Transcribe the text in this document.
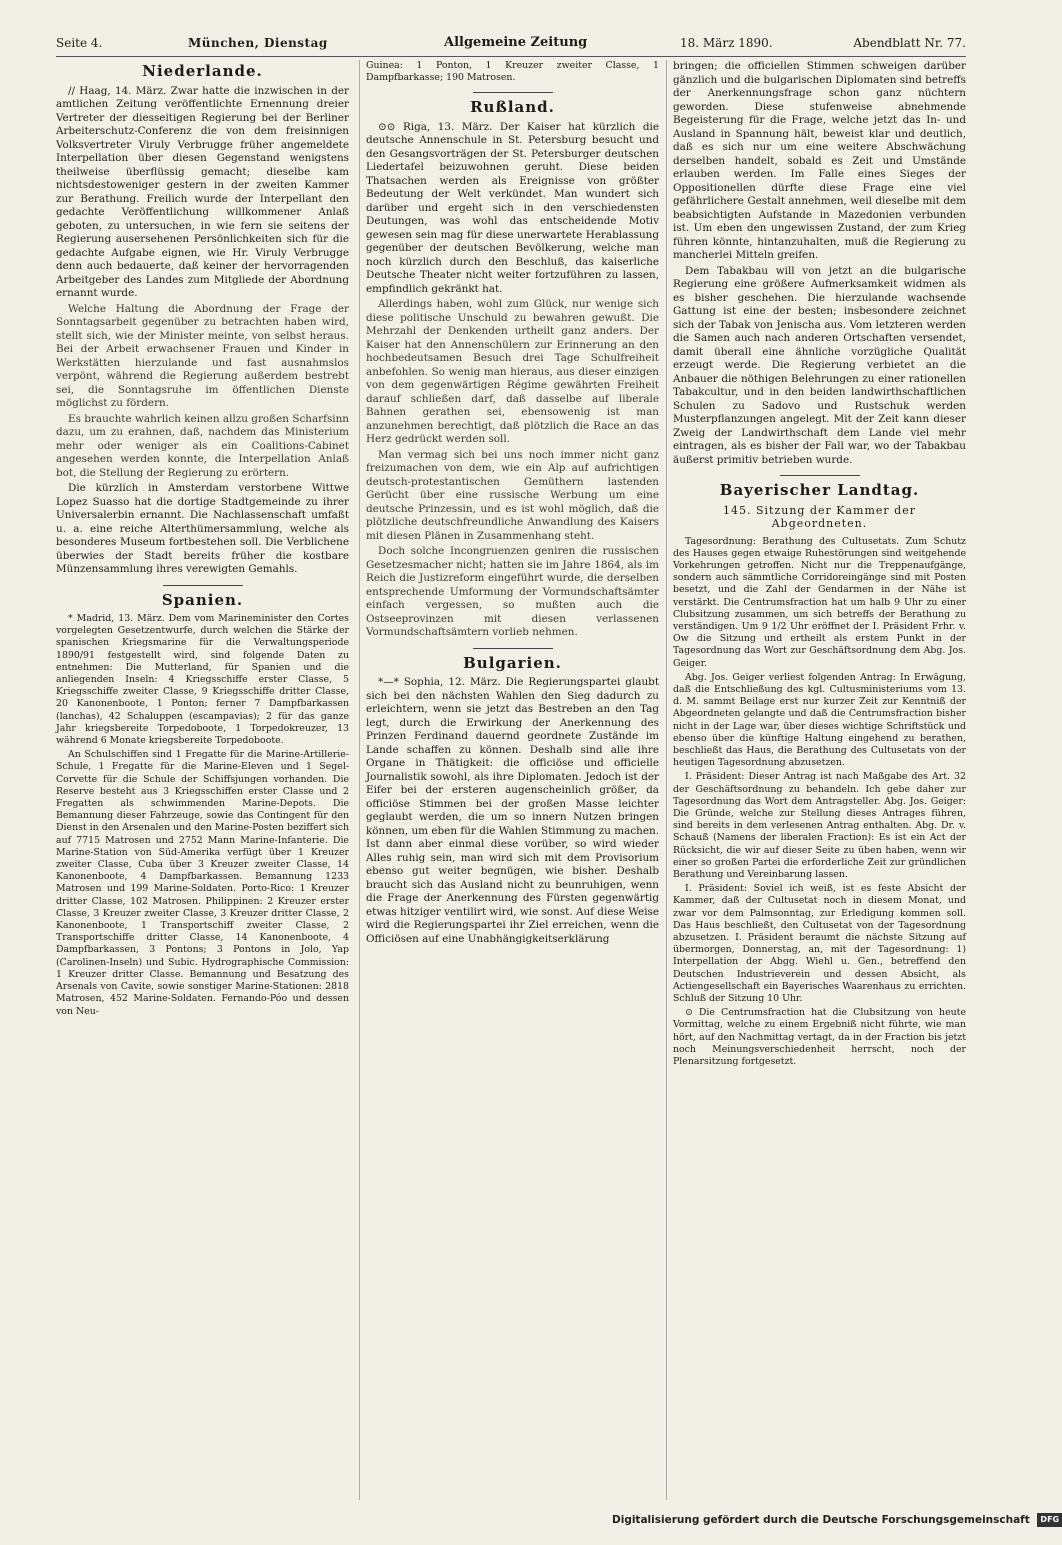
Seite 4.	München, Dienstag	Allgemeine Zeitung	18. März 1890.	Abendblatt Nr. 77.
Niederlande.

// Haag, 14. März. Zwar hatte die inzwischen in der amtlichen Zeitung veröffentlichte Ernennung dreier Vertreter der diesseitigen Regierung bei der Berliner Arbeiterschutz-Conferenz die von dem freisinnigen Volksvertreter Viruly Verbrugge früher angemeldete Interpellation über diesen Gegenstand wenigstens theilweise überflüssig gemacht; dieselbe kam nichtsdestoweniger gestern in der zweiten Kammer zur Berathung. Freilich wurde der Interpellant den gedachte Veröffentlichung willkommener Anlaß geboten, zu untersuchen, in wie fern sie seitens der Regierung ausersehenen Persönlichkeiten sich für die gedachte Aufgabe eignen, wie Hr. Viruly Verbrugge denn auch bedauerte, daß keiner der hervorragenden Arbeitgeber des Landes zum Mitgliede der Abordnung ernannt wurde.

Welche Haltung die Abordnung der Frage der Sonntagsarbeit gegenüber zu betrachten haben wird, stellt sich, wie der Minister meinte, von selbst heraus. Bei der Arbeit erwachsener Frauen und Kinder in Werkstätten hierzulande und fast ausnahmslos verpönt, während die Regierung außerdem bestrebt sei, die Sonntagsruhe im öffentlichen Dienste möglichst zu fördern.

Es brauchte wahrlich keinen allzu großen Scharfsinn dazu, um zu erahnen, daß, nachdem das Ministerium mehr oder weniger als ein Coalitions-Cabinet angesehen werden konnte, die Interpellation Anlaß bot, die Stellung der Regierung zu erörtern.

Die kürzlich in Amsterdam verstorbene Wittwe Lopez Suasso hat die dortige Stadtgemeinde zu ihrer Universalerbin ernannt. Die Nachlassenschaft umfaßt u. a. eine reiche Alterthümersammlung, welche als besonderes Museum fortbestehen soll. Die Verblichene überwies der Stadt bereits früher die kostbare Münzensammlung ihres verewigten Gemahls.

Spanien.

* Madrid, 13. März. Dem vom Marineminister den Cortes vorgelegten Gesetzentwurfe, durch welchen die Stärke der spanischen Kriegsmarine für die Verwaltungsperiode 1890/91 festgestellt wird, sind folgende Daten zu entnehmen: Die Mutterland, für Spanien und die anliegenden Inseln: 4 Kriegsschiffe erster Classe, 5 Kriegsschiffe zweiter Classe, 9 Kriegsschiffe dritter Classe, 20 Kanonenboote, 1 Ponton; ferner 7 Dampfbarkassen (lanchas), 42 Schaluppen (escampavias); 2 für das ganze Jahr kriegsbereite Torpedoboote, 1 Torpedokreuzer, 13 während 6 Monate kriegsbereite Torpedoboote.

An Schulschiffen sind 1 Fregatte für die Marine-Artillerie-Schule, 1 Fregatte für die Marine-Eleven und 1 Segel-Corvette für die Schule der Schiffsjungen vorhanden. Die Reserve besteht aus 3 Kriegsschiffen erster Classe und 2 Fregatten als schwimmenden Marine-Depots. Die Bemannung dieser Fahrzeuge, sowie das Contingent für den Dienst in den Arsenalen und den Marine-Posten beziffert sich auf 7715 Matrosen und 2752 Mann Marine-Infanterie. Die Marine-Station von Süd-Amerika verfügt über 1 Kreuzer zweiter Classe, Cuba über 3 Kreuzer zweiter Classe, 14 Kanonenboote, 4 Dampfbarkassen. Bemannung 1233 Matrosen und 199 Marine-Soldaten. Porto-Rico: 1 Kreuzer dritter Classe, 102 Matrosen. Philippinen: 2 Kreuzer erster Classe, 3 Kreuzer zweiter Classe, 3 Kreuzer dritter Classe, 2 Kanonenboote, 1 Transportschiff zweiter Classe, 2 Transportschiffe dritter Classe, 14 Kanonenboote, 4 Dampfbarkassen, 3 Pontons; 3 Pontons in Jolo, Yap (Carolinen-Inseln) und Subic. Hydrographische Commission: 1 Kreuzer dritter Classe. Bemannung und Besatzung des Arsenals von Cavite, sowie sonstiger Marine-Stationen: 2818 Matrosen, 452 Marine-Soldaten. Fernando-Póo und dessen von Neu-

Guinea: 1 Ponton, 1 Kreuzer zweiter Classe, 1 Dampfbarkasse; 190 Matrosen.

Rußland.

⊙⊙ Riga, 13. März. Der Kaiser hat kürzlich die deutsche Annenschule in St. Petersburg besucht und den Gesangsvorträgen der St. Petersburger deutschen Liedertafel beizuwohnen geruht. Diese beiden Thatsachen werden als Ereignisse von größter Bedeutung der Welt verkündet. Man wundert sich darüber und ergeht sich in den verschiedensten Deutungen, was wohl das entscheidende Motiv gewesen sein mag für diese unerwartete Herablassung gegenüber der deutschen Bevölkerung, welche man noch kürzlich durch den Beschluß, das kaiserliche Deutsche Theater nicht weiter fortzuführen zu lassen, empfindlich gekränkt hat.

Allerdings haben, wohl zum Glück, nur wenige sich diese politische Unschuld zu bewahren gewußt. Die Mehrzahl der Denkenden urtheilt ganz anders. Der Kaiser hat den Annenschülern zur Erinnerung an den hochbedeutsamen Besuch drei Tage Schulfreiheit anbefohlen. So wenig man hieraus, aus dieser einzigen von dem gegenwärtigen Régime gewährten Freiheit darauf schließen darf, daß dasselbe auf liberale Bahnen gerathen sei, ebensowenig ist man anzunehmen berechtigt, daß plötzlich die Race an das Herz gedrückt werden soll.

Man vermag sich bei uns noch immer nicht ganz freizumachen von dem, wie ein Alp auf aufrichtigen deutsch-protestantischen Gemüthern lastenden Gerücht über eine russische Werbung um eine deutsche Prinzessin, und es ist wohl möglich, daß die plötzliche deutschfreundliche Anwandlung des Kaisers mit diesen Plänen in Zusammenhang steht.

Doch solche Incongruenzen geniren die russischen Gesetzesmacher nicht; hatten sie im Jahre 1864, als im Reich die Justizreform eingeführt wurde, die derselben entsprechende Umformung der Vormundschaftsämter einfach vergessen, so mußten auch die Ostseeprovinzen mit diesen verlassenen Vormundschaftsämtern vorlieb nehmen.

Bulgarien.

*—* Sophia, 12. März. Die Regierungspartei glaubt sich bei den nächsten Wahlen den Sieg dadurch zu erleichtern, wenn sie jetzt das Bestreben an den Tag legt, durch die Erwirkung der Anerkennung des Prinzen Ferdinand dauernd geordnete Zustände im Lande schaffen zu können. Deshalb sind alle ihre Organe in Thätigkeit: die officiöse und officielle Journalistik sowohl, als ihre Diplomaten. Jedoch ist der Eifer bei der ersteren augenscheinlich größer, da officiöse Stimmen bei der großen Masse leichter geglaubt werden, die um so innern Nutzen bringen können, um eben für die Wahlen Stimmung zu machen. Ist dann aber einmal diese vorüber, so wird wieder Alles ruhig sein, man wird sich mit dem Provisorium ebenso gut weiter begnügen, wie bisher. Deshalb braucht sich das Ausland nicht zu beunruhigen, wenn die Frage der Anerkennung des Fürsten gegenwärtig etwas hitziger ventilirt wird, wie sonst. Auf diese Weise wird die Regierungspartei ihr Ziel erreichen, wenn die Officiösen auf eine Unabhängigkeitserklärung

bringen; die officiellen Stimmen schweigen darüber gänzlich und die bulgarischen Diplomaten sind betreffs der Anerkennungsfrage schon ganz nüchtern geworden. Diese stufenweise abnehmende Begeisterung für die Frage, welche jetzt das In- und Ausland in Spannung hält, beweist klar und deutlich, daß es sich nur um eine weitere Abschwächung derselben handelt, sobald es Zeit und Umstände erlauben werden. Im Falle eines Sieges der Oppositionellen dürfte diese Frage eine viel gefährlichere Gestalt annehmen, weil dieselbe mit dem beabsichtigten Aufstande in Mazedonien verbunden ist. Um eben den ungewissen Zustand, der zum Krieg führen könnte, hintanzuhalten, muß die Regierung zu mancherlei Mitteln greifen.

Dem Tabakbau will von jetzt an die bulgarische Regierung eine größere Aufmerksamkeit widmen als es bisher geschehen. Die hierzulande wachsende Gattung ist eine der besten; insbesondere zeichnet sich der Tabak von Jenischa aus. Vom letzteren werden die Samen auch nach anderen Ortschaften versendet, damit überall eine ähnliche vorzügliche Qualität erzeugt werde. Die Regierung verbietet an die Anbauer die nöthigen Belehrungen zu einer rationellen Tabakcultur, und in den beiden landwirthschaftlichen Schulen zu Sadovo und Rustschuk werden Musterpflanzungen angelegt. Mit der Zeit kann dieser Zweig der Landwirthschaft dem Lande viel mehr eintragen, als es bisher der Fall war, wo der Tabakbau äußerst primitiv betrieben wurde.

Bayerischer Landtag.
145. Sitzung der Kammer der Abgeordneten.

Tagesordnung: Berathung des Cultusetats. Zum Schutz des Hauses gegen etwaige Ruhestörungen sind weitgehende Vorkehrungen getroffen. Nicht nur die Treppenaufgänge, sondern auch sämmtliche Corridoreingänge sind mit Posten besetzt, und die Zahl der Gendarmen in der Nähe ist verstärkt. Die Centrumsfraction hat um halb 9 Uhr zu einer Clubsitzung zusammen, um sich betreffs der Berathung zu verständigen. Um 9 1/2 Uhr eröffnet der I. Präsident Frhr. v. Ow die Sitzung und ertheilt als erstem Punkt in der Tagesordnung das Wort zur Geschäftsordnung dem Abg. Jos. Geiger.

Abg. Jos. Geiger verliest folgenden Antrag: In Erwägung, daß die Entschließung des kgl. Cultusministeriums vom 13. d. M. sammt Beilage erst nur kurzer Zeit zur Kenntniß der Abgeordneten gelangte und daß die Centrumsfraction bisher nicht in der Lage war, über dieses wichtige Schriftstück und ebenso über die künftige Haltung eingehend zu berathen, beschließt das Haus, die Berathung des Cultusetats von der heutigen Tagesordnung abzusetzen.

I. Präsident: Dieser Antrag ist nach Maßgabe des Art. 32 der Geschäftsordnung zu behandeln. Ich gebe daher zur Tagesordnung das Wort dem Antragsteller. Abg. Jos. Geiger: Die Gründe, welche zur Stellung dieses Antrages führen, sind bereits in dem verlesenen Antrag enthalten. Abg. Dr. v. Schauß (Namens der liberalen Fraction): Es ist ein Act der Rücksicht, die wir auf dieser Seite zu üben haben, wenn wir einer so großen Partei die erforderliche Zeit zur gründlichen Berathung und Vereinbarung lassen.

I. Präsident: Soviel ich weiß, ist es feste Absicht der Kammer, daß der Cultusetat noch in diesem Monat, und zwar vor dem Palmsonntag, zur Erledigung kommen soll. Das Haus beschließt, den Cultusetat von der Tagesordnung abzusetzen. I. Präsident beraumt die nächste Sitzung auf übermorgen, Donnerstag, an, mit der Tagesordnung: 1) Interpellation der Abgg. Wiehl u. Gen., betreffend den Deutschen Industrieverein und dessen Absicht, als Actiengesellschaft ein Bayerisches Waarenhaus zu errichten. Schluß der Sitzung 10 Uhr.

⊙ Die Centrumsfraction hat die Clubsitzung von heute Vormittag, welche zu einem Ergebniß nicht führte, wie man hört, auf den Nachmittag vertagt, da in der Fraction bis jetzt noch Meinungsverschiedenheit herrscht, noch der Plenarsitzung fortgesetzt.

Digitalisierung gefördert durch die Deutsche Forschungsgemeinschaft DFG
